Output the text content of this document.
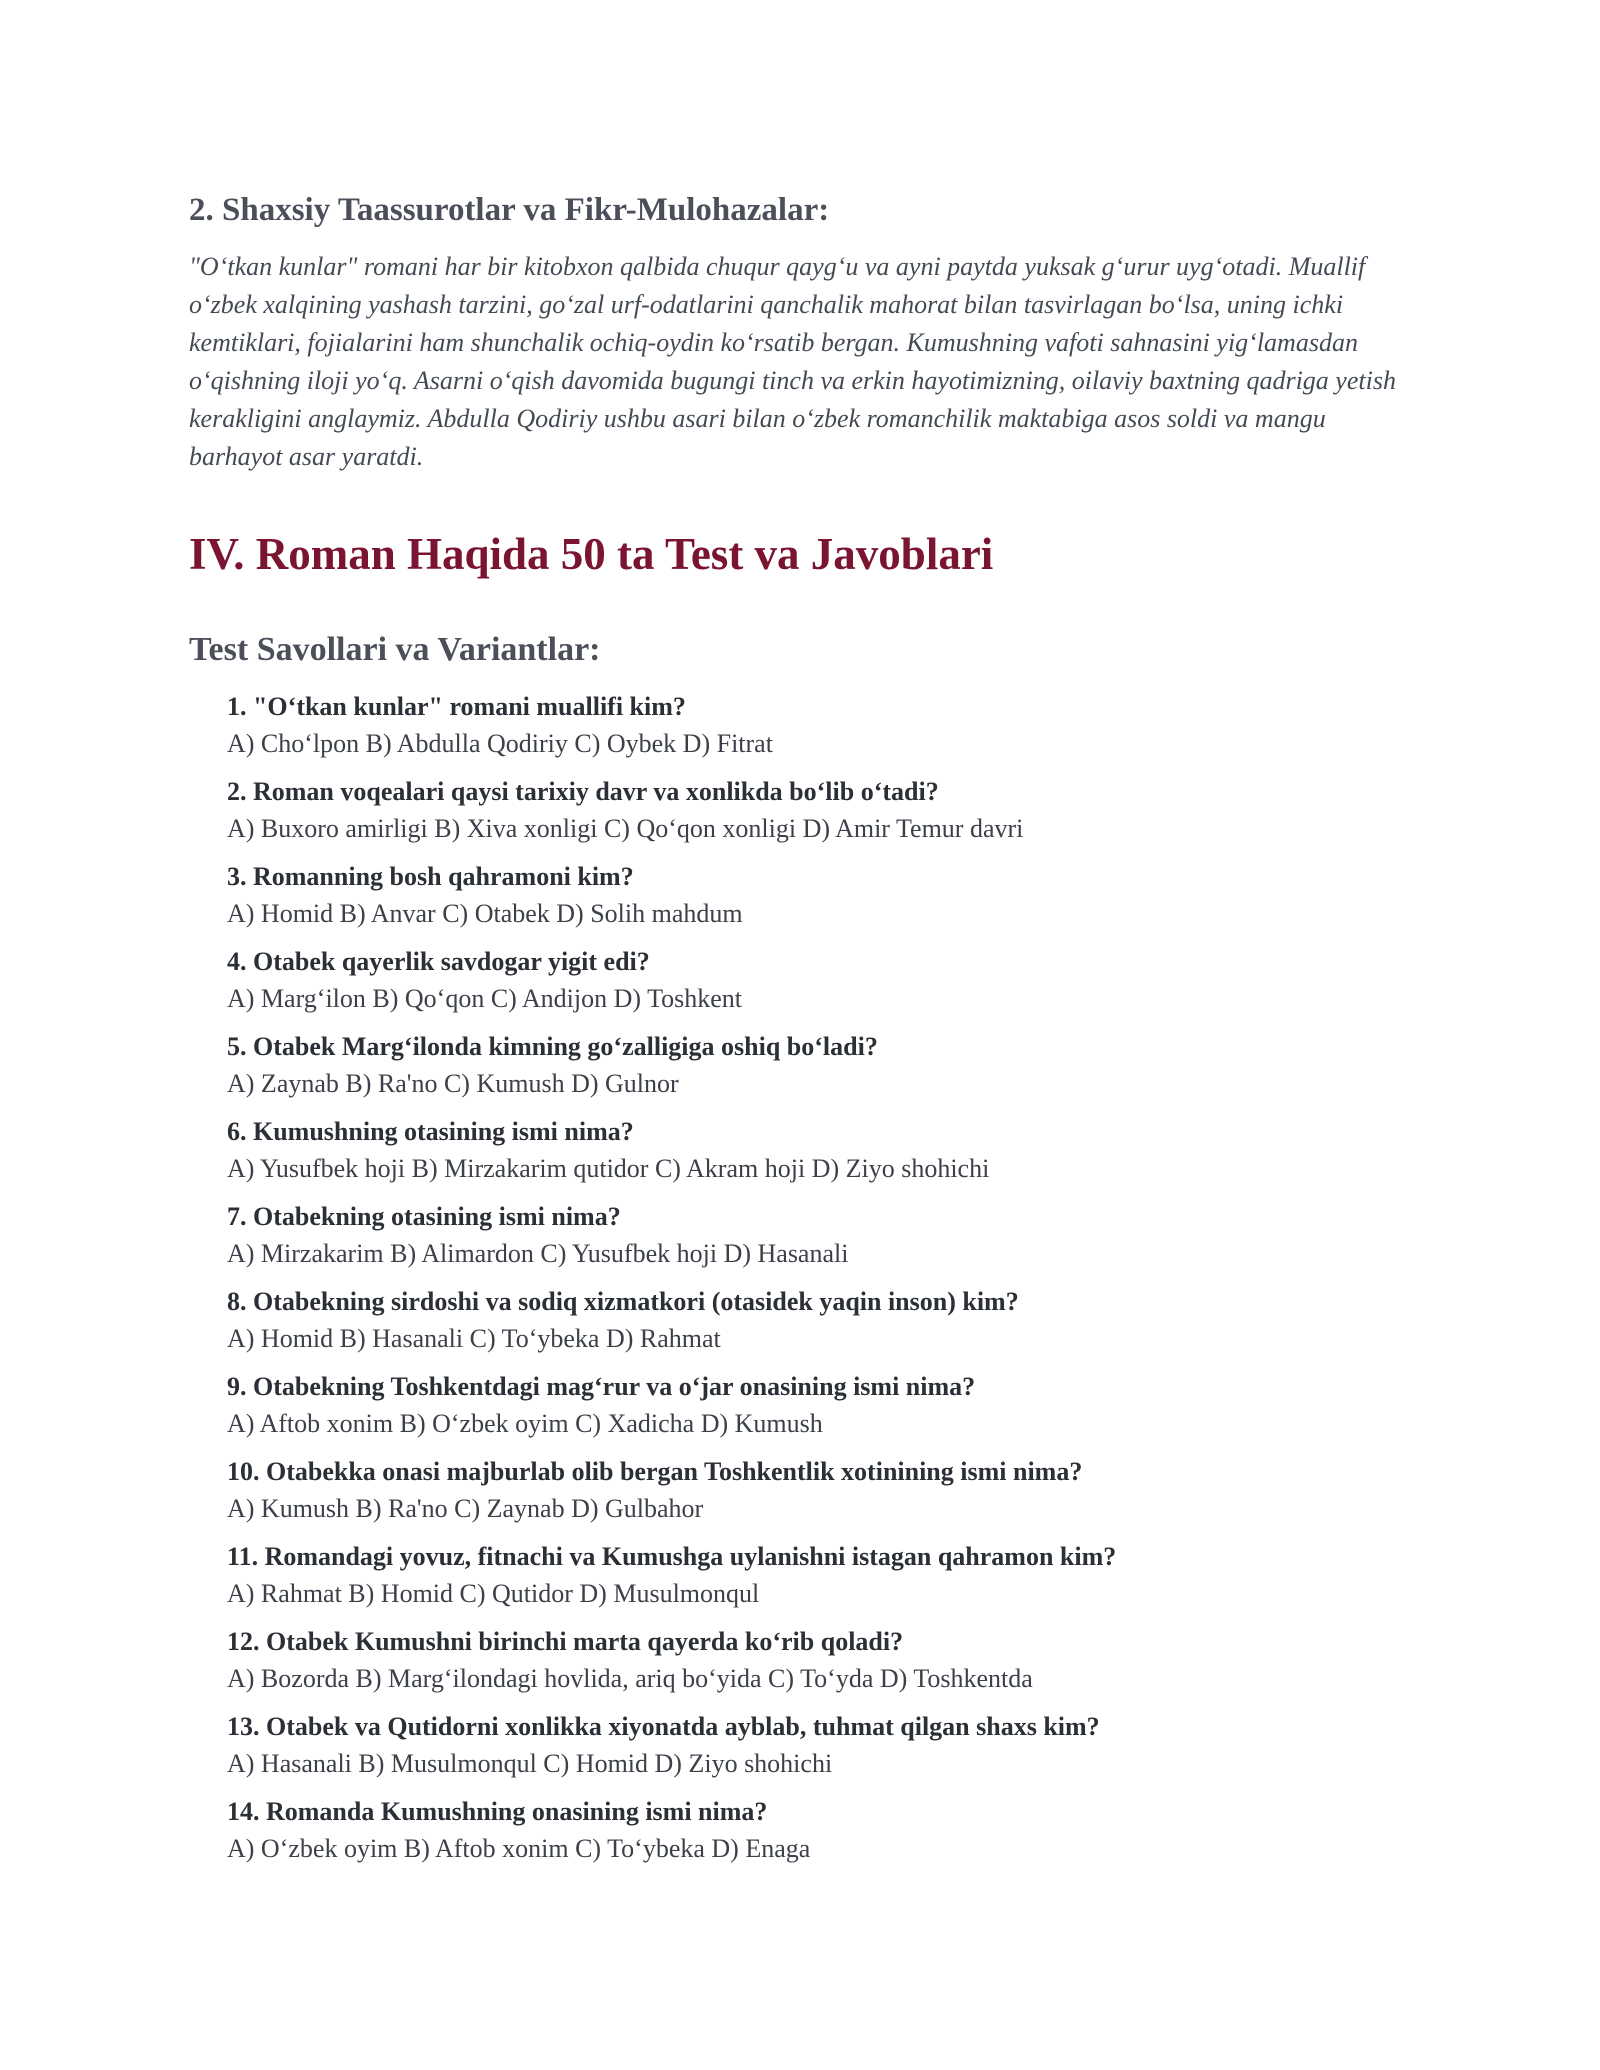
2. Shaxsiy Taassurotlar va Fikr-Mulohazalar:

"O‘tkan kunlar" romani har bir kitobxon qalbida chuqur qayg‘u va ayni paytda yuksak g‘urur uyg‘otadi. Muallif o‘zbek xalqining yashash tarzini, go‘zal urf-odatlarini qanchalik mahorat bilan tasvirlagan bo‘lsa, uning ichki kemtiklari, fojialarini ham shunchalik ochiq-oydin ko‘rsatib bergan. Kumushning vafoti sahnasini yig‘lamasdan o‘qishning iloji yo‘q. Asarni o‘qish davomida bugungi tinch va erkin hayotimizning, oilaviy baxtning qadriga yetish kerakligini anglaymiz. Abdulla Qodiriy ushbu asari bilan o‘zbek romanchilik maktabiga asos soldi va mangu barhayot asar yaratdi.

IV. Roman Haqida 50 ta Test va Javoblari
Test Savollari va Variantlar:
1. "O‘tkan kunlar" romani muallifi kim?
A) Cho‘lpon B) Abdulla Qodiriy C) Oybek D) Fitrat
2. Roman voqealari qaysi tarixiy davr va xonlikda bo‘lib o‘tadi?
A) Buxoro amirligi B) Xiva xonligi C) Qo‘qon xonligi D) Amir Temur davri
3. Romanning bosh qahramoni kim?
A) Homid B) Anvar C) Otabek D) Solih mahdum
4. Otabek qayerlik savdogar yigit edi?
A) Marg‘ilon B) Qo‘qon C) Andijon D) Toshkent
5. Otabek Marg‘ilonda kimning go‘zalligiga oshiq bo‘ladi?
A) Zaynab B) Ra'no C) Kumush D) Gulnor
6. Kumushning otasining ismi nima?
A) Yusufbek hoji B) Mirzakarim qutidor C) Akram hoji D) Ziyo shohichi
7. Otabekning otasining ismi nima?
A) Mirzakarim B) Alimardon C) Yusufbek hoji D) Hasanali
8. Otabekning sirdoshi va sodiq xizmatkori (otasidek yaqin inson) kim?
A) Homid B) Hasanali C) To‘ybeka D) Rahmat
9. Otabekning Toshkentdagi mag‘rur va o‘jar onasining ismi nima?
A) Aftob xonim B) O‘zbek oyim C) Xadicha D) Kumush
10. Otabekka onasi majburlab olib bergan Toshkentlik xotinining ismi nima?
A) Kumush B) Ra'no C) Zaynab D) Gulbahor
11. Romandagi yovuz, fitnachi va Kumushga uylanishni istagan qahramon kim?
A) Rahmat B) Homid C) Qutidor D) Musulmonqul
12. Otabek Kumushni birinchi marta qayerda ko‘rib qoladi?
A) Bozorda B) Marg‘ilondagi hovlida, ariq bo‘yida C) To‘yda D) Toshkentda
13. Otabek va Qutidorni xonlikka xiyonatda ayblab, tuhmat qilgan shaxs kim?
A) Hasanali B) Musulmonqul C) Homid D) Ziyo shohichi
14. Romanda Kumushning onasining ismi nima?
A) O‘zbek oyim B) Aftob xonim C) To‘ybeka D) Enaga
